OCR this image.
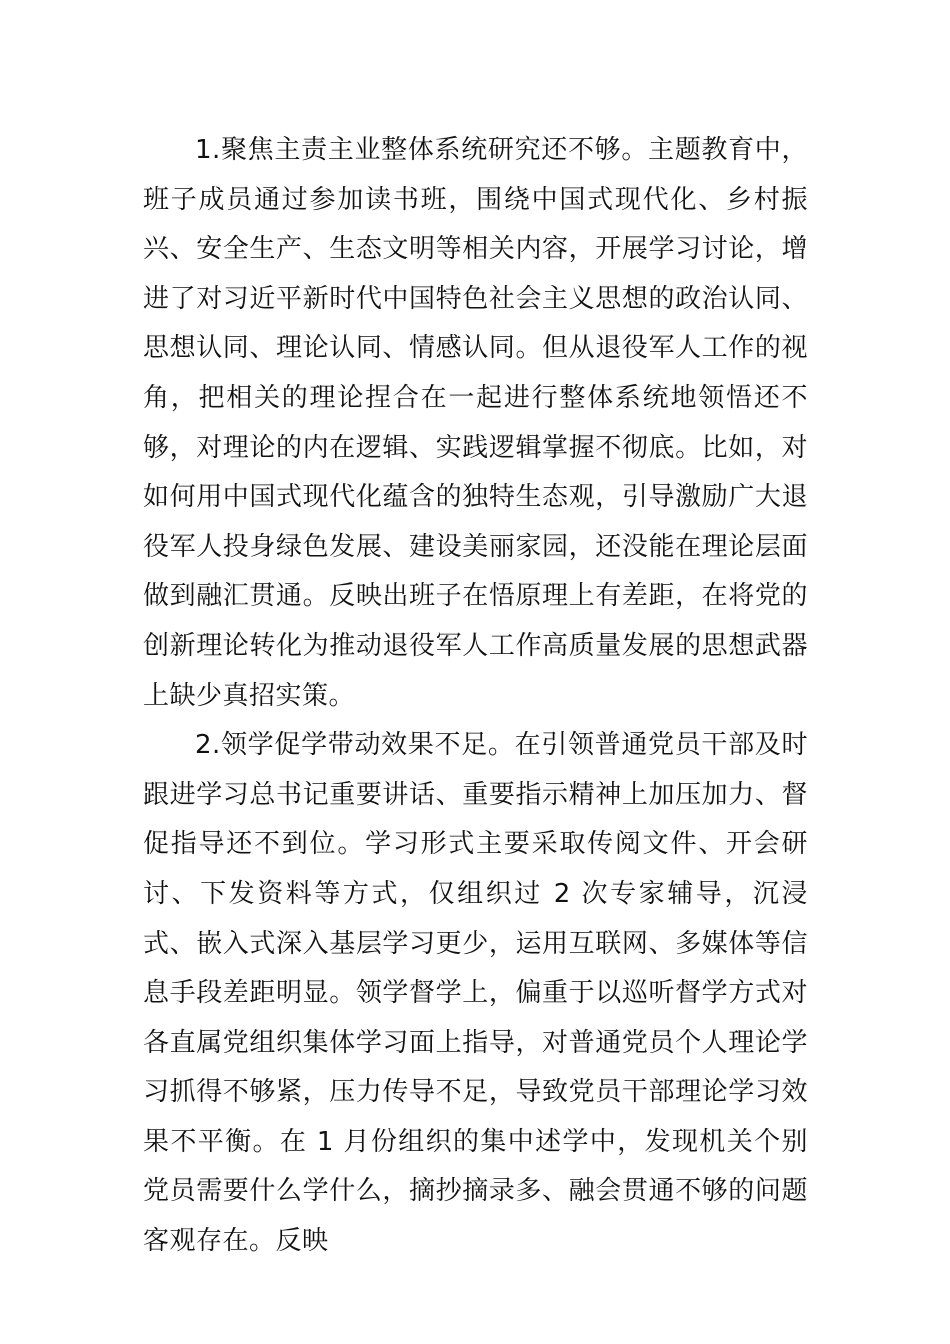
1.聚焦主责主业整体系统研究还不够。主题教育中，班子成员通过参加读书班，围绕中国式现代化、乡村振兴、安全生产、生态文明等相关内容，开展学习讨论，增进了对习近平新时代中国特色社会主义思想的政治认同、思想认同、理论认同、情感认同。但从退役军人工作的视角，把相关的理论捏合在一起进行整体系统地领悟还不够，对理论的内在逻辑、实践逻辑掌握不彻底。比如，对如何用中国式现代化蕴含的独特生态观，引导激励广大退役军人投身绿色发展、建设美丽家园，还没能在理论层面做到融汇贯通。反映出班子在悟原理上有差距，在将党的创新理论转化为推动退役军人工作高质量发展的思想武器上缺少真招实策。

2.领学促学带动效果不足。在引领普通党员干部及时跟进学习总书记重要讲话、重要指示精神上加压加力、督促指导还不到位。学习形式主要采取传阅文件、开会研讨、下发资料等方式，仅组织过 2 次专家辅导，沉浸式、嵌入式深入基层学习更少，运用互联网、多媒体等信息手段差距明显。领学督学上，偏重于以巡听督学方式对各直属党组织集体学习面上指导，对普通党员个人理论学习抓得不够紧，压力传导不足，导致党员干部理论学习效果不平衡。在 1 月份组织的集中述学中，发现机关个别党员需要什么学什么，摘抄摘录多、融会贯通不够的问题客观存在。反映
